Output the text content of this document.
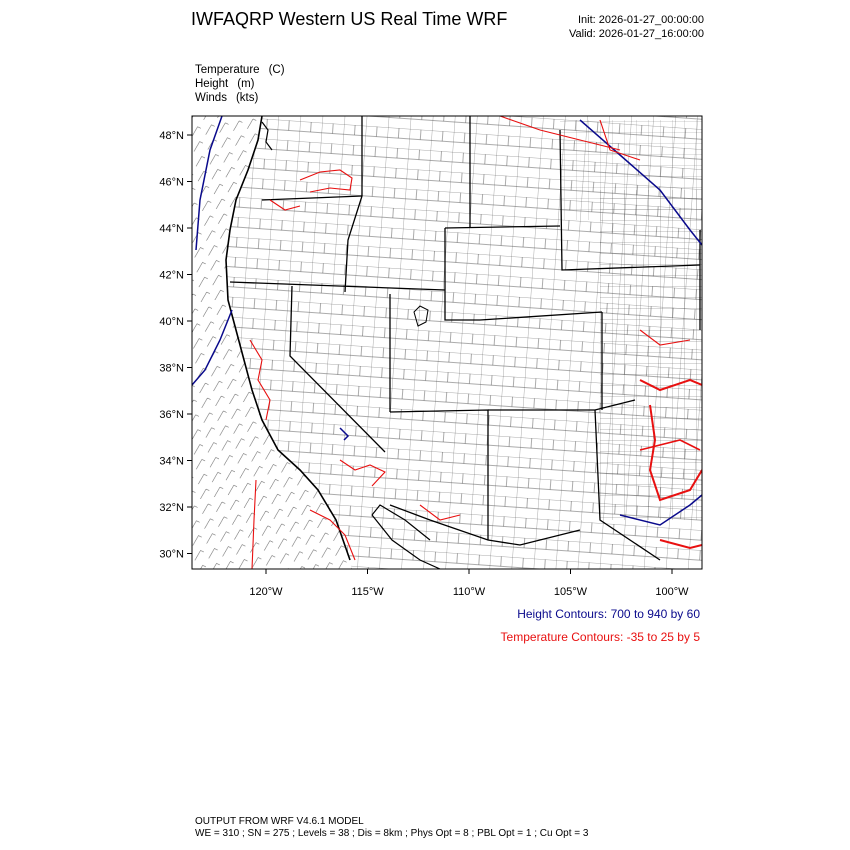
IWFAQRP Western US Real Time WRF	Init: 2026-01-27_00:00:00
Valid: 2026-01-27_16:00:00
Temperature (C)
Height (m)
Winds (kts)
48°N
46°N
44°N
42°N
40°N
38°N
36°N
34°N
32°N
30°N
120°W	115°W	110°W	105°W	100°W
Height Contours: 700 to 940 by 60
Temperature Contours: -35 to 25 by 5
OUTPUT FROM WRF V4.6.1 MODEL
WE = 310 ; SN = 275 ; Levels = 38 ; Dis = 8km ; Phys Opt = 8 ; PBL Opt = 1 ; Cu Opt = 3
